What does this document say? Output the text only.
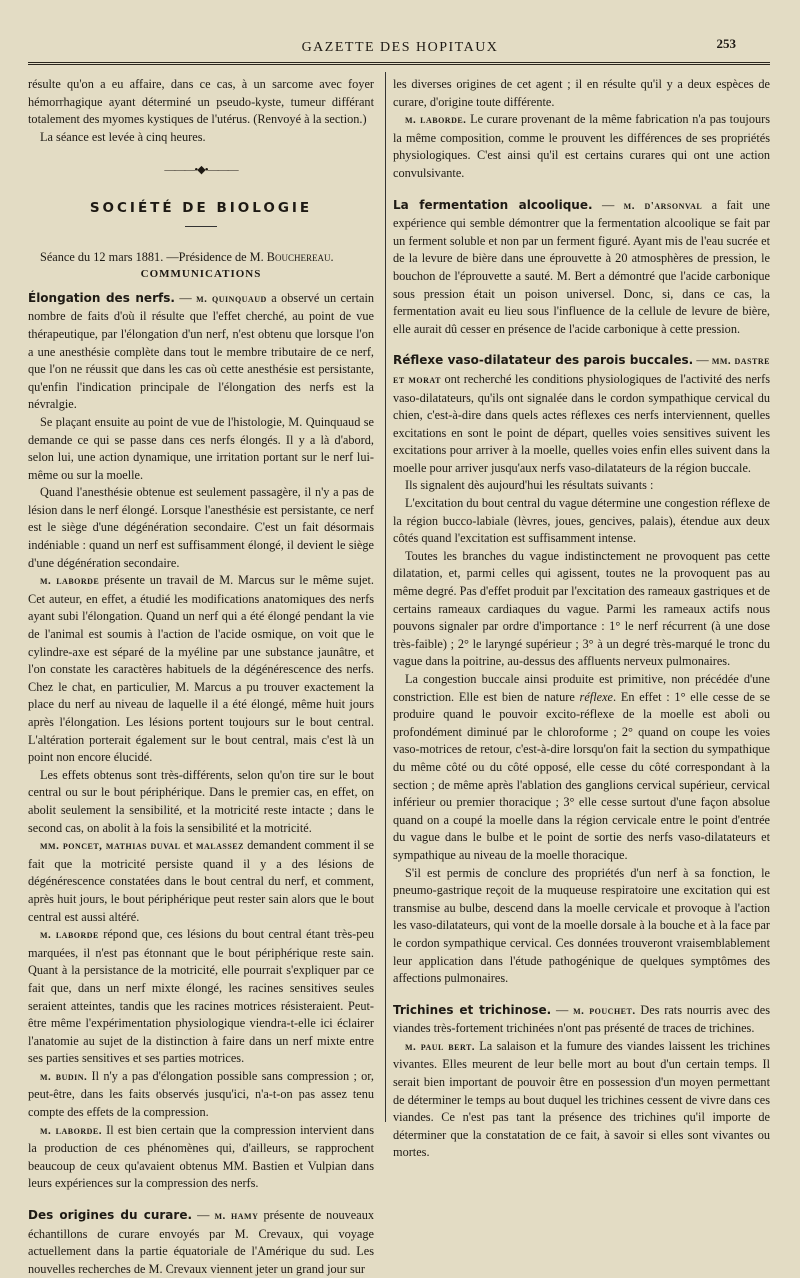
GAZETTE DES HOPITAUX	253

résulte qu'on a eu affaire, dans ce cas, à un sarcome avec foyer hémorrhagique ayant déterminé un pseudo-kyste, tumeur différant totalement des myomes kystiques de l'utérus. (Renvoyé à la section.)

La séance est levée à cinq heures.

———•◆•———
SOCIÉTÉ DE BIOLOGIE

Séance du 12 mars 1881. —Présidence de M. Bouchereau.

COMMUNICATIONS

Élongation des nerfs. — m. quinquaud a observé un certain nombre de faits d'où il résulte que l'effet cherché, au point de vue thérapeutique, par l'élongation d'un nerf, n'est obtenu que lorsque l'on a une anesthésie complète dans tout le membre tributaire de ce nerf, que l'on ne réussit que dans les cas où cette anesthésie est persistante, qu'enfin l'indication principale de l'élongation des nerfs est la névralgie.

Se plaçant ensuite au point de vue de l'histologie, M. Quinquaud se demande ce qui se passe dans ces nerfs élongés. Il y a là d'abord, selon lui, une action dynamique, une irritation portant sur le nerf lui-même ou sur la moelle.

Quand l'anesthésie obtenue est seulement passagère, il n'y a pas de lésion dans le nerf élongé. Lorsque l'anesthésie est persistante, ce nerf est le siège d'une dégénération secondaire. C'est un fait désormais indéniable : quand un nerf est suffisamment élongé, il devient le siège d'une dégénération secondaire.

m. laborde présente un travail de M. Marcus sur le même sujet. Cet auteur, en effet, a étudié les modifications anatomiques des nerfs ayant subi l'élongation. Quand un nerf qui a été élongé pendant la vie de l'animal est soumis à l'action de l'acide osmique, on voit que le cylindre-axe est séparé de la myéline par une substance jaunâtre, et l'on constate les caractères habituels de la dégénérescence des nerfs. Chez le chat, en particulier, M. Marcus a pu trouver exactement la place du nerf au niveau de laquelle il a été élongé, même huit jours après l'élongation. Les lésions portent toujours sur le bout central. L'altération porterait également sur le bout central, mais c'est là un point non encore élucidé.

Les effets obtenus sont très-différents, selon qu'on tire sur le bout central ou sur le bout périphérique. Dans le premier cas, en effet, on abolit seulement la sensibilité, et la motricité reste intacte ; dans le second cas, on abolit à la fois la sensibilité et la motricité.

mm. poncet, mathias duval et malassez demandent comment il se fait que la motricité persiste quand il y a des lésions de dégénérescence constatées dans le bout central du nerf, et comment, après huit jours, le bout périphérique peut rester sain alors que le bout central est aussi altéré.

m. laborde répond que, ces lésions du bout central étant très-peu marquées, il n'est pas étonnant que le bout périphérique reste sain. Quant à la persistance de la motricité, elle pourrait s'expliquer par ce fait que, dans un nerf mixte élongé, les racines sensitives seules seraient atteintes, tandis que les racines motrices résisteraient. Peut-être même l'expérimentation physiologique viendra-t-elle ici éclairer l'anatomie au sujet de la distinction à faire dans un nerf mixte entre ses parties sensitives et ses parties motrices.

m. budin. Il n'y a pas d'élongation possible sans compression ; or, peut-être, dans les faits observés jusqu'ici, n'a-t-on pas assez tenu compte des effets de la compression.

m. laborde. Il est bien certain que la compression intervient dans la production de ces phénomènes qui, d'ailleurs, se rapprochent beaucoup de ceux qu'avaient obtenus MM. Bastien et Vulpian dans leurs expériences sur la compression des nerfs.

Des origines du curare. — m. hamy présente de nouveaux échantillons de curare envoyés par M. Crevaux, qui voyage actuellement dans la partie équatoriale de l'Amérique du sud. Les nouvelles recherches de M. Crevaux viennent jeter un grand jour sur

les diverses origines de cet agent ; il en résulte qu'il y a deux espèces de curare, d'origine toute différente.

m. laborde. Le curare provenant de la même fabrication n'a pas toujours la même composition, comme le prouvent les différences de ses propriétés physiologiques. C'est ainsi qu'il est certains curares qui ont une action convulsivante.

La fermentation alcoolique. — m. d'arsonval a fait une expérience qui semble démontrer que la fermentation alcoolique se fait par un ferment soluble et non par un ferment figuré. Ayant mis de l'eau sucrée et de la levure de bière dans une éprouvette à 20 atmosphères de pression, le bouchon de l'éprouvette a sauté. M. Bert a démontré que l'acide carbonique sous pression était un poison universel. Donc, si, dans ce cas, la fermentation avait eu lieu sous l'influence de la cellule de levure de bière, elle aurait dû cesser en présence de l'acide carbonique à cette pression.

Réflexe vaso-dilatateur des parois buccales. — mm. dastre et morat ont recherché les conditions physiologiques de l'activité des nerfs vaso-dilatateurs, qu'ils ont signalée dans le cordon sympathique cervical du chien, c'est-à-dire dans quels actes réflexes ces nerfs interviennent, quelles excitations en sont le point de départ, quelles voies sensitives suivent les excitations pour arriver à la moelle, quelles voies enfin elles suivent dans la moelle pour arriver jusqu'aux nerfs vaso-dilatateurs de la région buccale.

Ils signalent dès aujourd'hui les résultats suivants :

L'excitation du bout central du vague détermine une congestion réflexe de la région bucco-labiale (lèvres, joues, gencives, palais), étendue aux deux côtés quand l'excitation est suffisamment intense.

Toutes les branches du vague indistinctement ne provoquent pas cette dilatation, et, parmi celles qui agissent, toutes ne la provoquent pas au même degré. Pas d'effet produit par l'excitation des rameaux gastriques et de certains rameaux cardiaques du vague. Parmi les rameaux actifs nous pouvons signaler par ordre d'importance : 1° le nerf récurrent (à une dose très-faible) ; 2° le laryngé supérieur ; 3° à un degré très-marqué le tronc du vague dans la poitrine, au-dessus des affluents nerveux pulmonaires.

La congestion buccale ainsi produite est primitive, non précédée d'une constriction. Elle est bien de nature réflexe. En effet : 1° elle cesse de se produire quand le pouvoir excito-réflexe de la moelle est aboli ou profondément diminué par le chloroforme ; 2° quand on coupe les voies vaso-motrices de retour, c'est-à-dire lorsqu'on fait la section du sympathique du même côté ou du côté opposé, elle cesse du côté correspondant à la section ; de même après l'ablation des ganglions cervical supérieur, cervical inférieur ou premier thoracique ; 3° elle cesse surtout d'une façon absolue quand on a coupé la moelle dans la région cervicale entre le point d'entrée du vague dans le bulbe et le point de sortie des nerfs vaso-dilatateurs et sympathique au niveau de la moelle thoracique.

S'il est permis de conclure des propriétés d'un nerf à sa fonction, le pneumo-gastrique reçoit de la muqueuse respiratoire une excitation qui est transmise au bulbe, descend dans la moelle cervicale et provoque à l'action les vaso-dilatateurs, qui vont de la moelle dorsale à la bouche et à la face par le cordon sympathique cervical. Ces données trouveront vraisemblablement leur application dans l'étude pathogénique de quelques symptômes des affections pulmonaires.

Trichines et trichinose. — m. pouchet. Des rats nourris avec des viandes très-fortement trichinées n'ont pas présenté de traces de trichines.

m. paul bert. La salaison et la fumure des viandes laissent les trichines vivantes. Elles meurent de leur belle mort au bout d'un certain temps. Il serait bien important de pouvoir être en possession d'un moyen permettant de déterminer le temps au bout duquel les trichines cessent de vivre dans ces viandes. Ce n'est pas tant la présence des trichines qu'il importe de déterminer que la constatation de ce fait, à savoir si elles sont vivantes ou mortes.
